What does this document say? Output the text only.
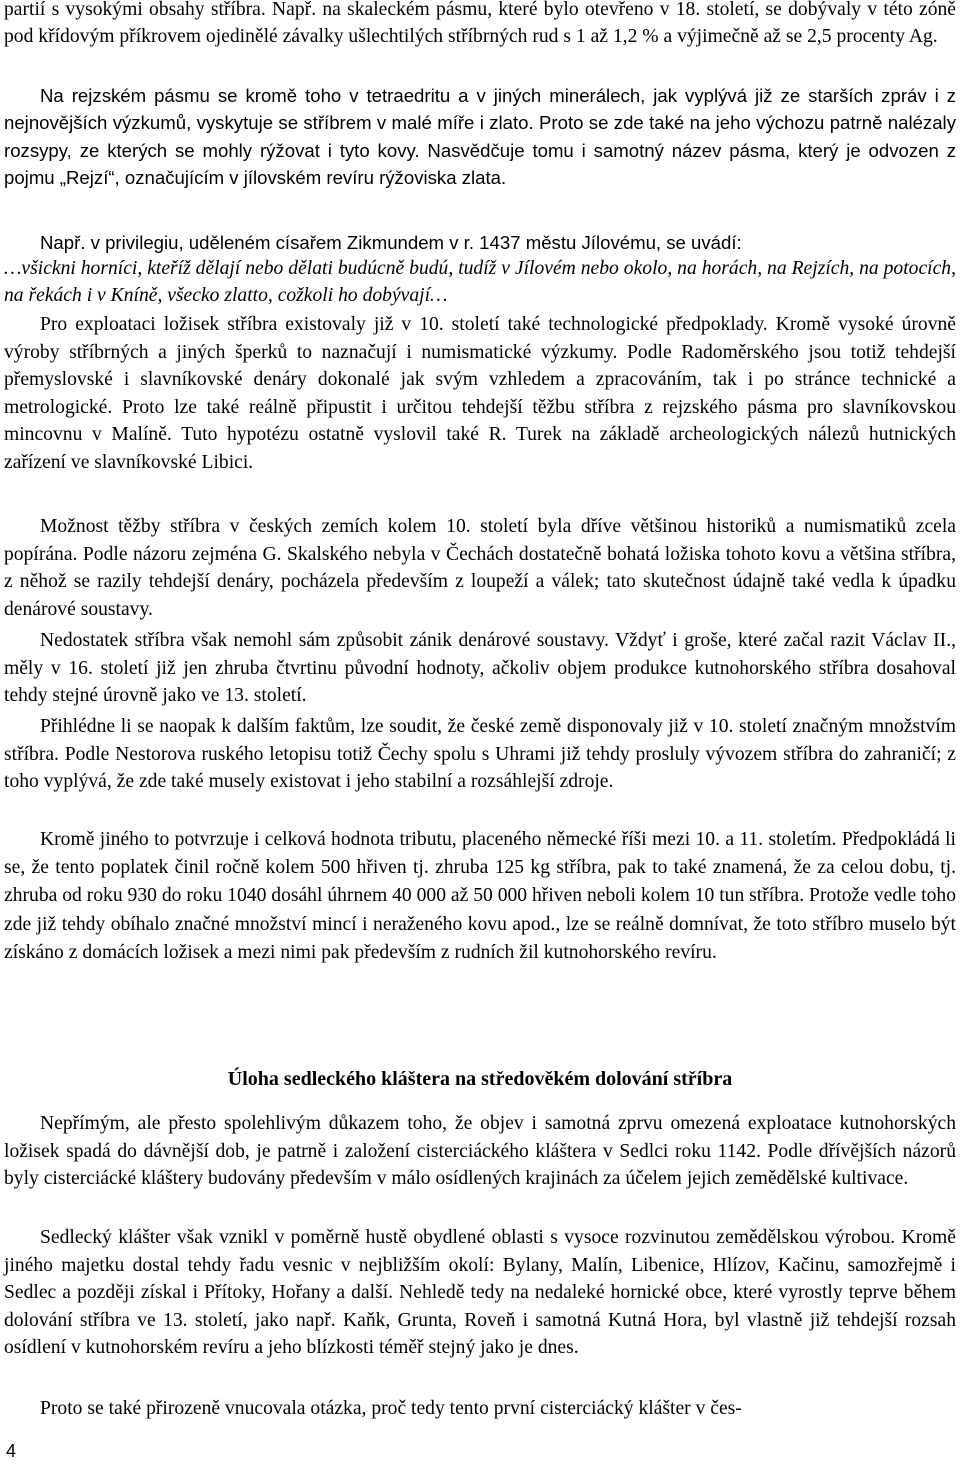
partií s vysokými obsahy stříbra. Např. na skaleckém pásmu, které bylo otevřeno v 18. století, se dobývaly v této zóně pod křídovým příkrovem ojedinělé závalky ušlechtilých stříbrných rud s 1 až 1,2 % a výjimečně až se 2,5 procenty Ag.

Na rejzském pásmu se kromě toho v tetraedritu a v jiných minerálech, jak vyplývá již ze starších zpráv i z nejnovějších výzkumů, vyskytuje se stříbrem v malé míře i zlato. Proto se zde také na jeho výchozu patrně nalézaly rozsypy, ze kterých se mohly rýžovat i tyto kovy. Nasvědčuje tomu i samotný název pásma, který je odvozen z pojmu „Rejzí“, označujícím v jílovském revíru rýžoviska zlata.

Např. v privilegiu, uděleném císařem Zikmundem v r. 1437 městu Jílovému, se uvádí:

…všickni horníci, kteříž dělají nebo dělati budúcně budú, tudíž v Jílovém nebo okolo, na horách, na Rejzích, na potocích, na řekách i v Kníně, všecko zlatto, cožkoli ho dobývají…

Pro exploataci ložisek stříbra existovaly již v 10. století také technologické předpoklady. Kromě vysoké úrovně výroby stříbrných a jiných šperků to naznačují i numismatické výzkumy. Podle Radoměrského jsou totiž tehdejší přemyslovské i slavníkovské denáry dokonalé jak svým vzhledem a zpracováním, tak i po stránce technické a metrologické. Proto lze také reálně připustit i určitou tehdejší těžbu stříbra z rejzského pásma pro slavníkovskou mincovnu v Malíně. Tuto hypotézu ostatně vyslovil také R. Turek na základě archeologických nálezů hutnických zařízení ve slavníkovské Libici.

Možnost těžby stříbra v českých zemích kolem 10. století byla dříve většinou historiků a numismatiků zcela popírána. Podle názoru zejména G. Skalského nebyla v Čechách dostatečně bohatá ložiska tohoto kovu a většina stříbra, z něhož se razily tehdejší denáry, pocházela především z loupeží a válek; tato skutečnost údajně také vedla k úpadku denárové soustavy.

Nedostatek stříbra však nemohl sám způsobit zánik denárové soustavy. Vždyť i groše, které začal razit Václav II., měly v 16. století již jen zhruba čtvrtinu původní hodnoty, ačkoliv objem produkce kutnohorského stříbra dosahoval tehdy stejné úrovně jako ve 13. století.

Přihlédne li se naopak k dalším faktům, lze soudit, že české země disponovaly již v 10. století značným množstvím stříbra. Podle Nestorova ruského letopisu totiž Čechy spolu s Uhrami již tehdy prosluly vývozem stříbra do zahraničí; z toho vyplývá, že zde také musely existovat i jeho stabilní a rozsáhlejší zdroje.

Kromě jiného to potvrzuje i celková hodnota tributu, placeného německé říši mezi 10. a 11. stoletím. Předpokládá li se, že tento poplatek činil ročně kolem 500 hřiven tj. zhruba 125 kg stříbra, pak to také znamená, že za celou dobu, tj. zhruba od roku 930 do roku 1040 dosáhl úhrnem 40 000 až 50 000 hřiven neboli kolem 10 tun stříbra. Protože vedle toho zde již tehdy obíhalo značné množství mincí i neraženého kovu apod., lze se reálně domnívat, že toto stříbro muselo být získáno z domácích ložisek a mezi nimi pak především z rudních žil kutnohorského revíru.

Úloha sedleckého kláštera na středověkém dolování stříbra

Nepřímým, ale přesto spolehlivým důkazem toho, že objev i samotná zprvu omezená exploatace kutnohorských ložisek spadá do dávnější dob, je patrně i založení cisterciáckého kláštera v Sedlci roku 1142. Podle dřívějších názorů byly cisterciácké kláštery budovány především v málo osídlených krajinách za účelem jejich zemědělské kultivace.

Sedlecký klášter však vznikl v poměrně hustě obydlené oblasti s vysoce rozvinutou zemědělskou výrobou. Kromě jiného majetku dostal tehdy řadu vesnic v nejbližším okolí: Bylany, Malín, Libenice, Hlízov, Kačinu, samozřejmě i Sedlec a později získal i Přítoky, Hořany a další. Nehledě tedy na nedaleké hornické obce, které vyrostly teprve během dolování stříbra ve 13. století, jako např. Kaňk, Grunta, Roveň i samotná Kutná Hora, byl vlastně již tehdejší rozsah osídlení v kutnohorském revíru a jeho blízkosti téměř stejný jako je dnes.

Proto se také přirozeně vnucovala otázka, proč tedy tento první cisterciácký klášter v čes-

4
